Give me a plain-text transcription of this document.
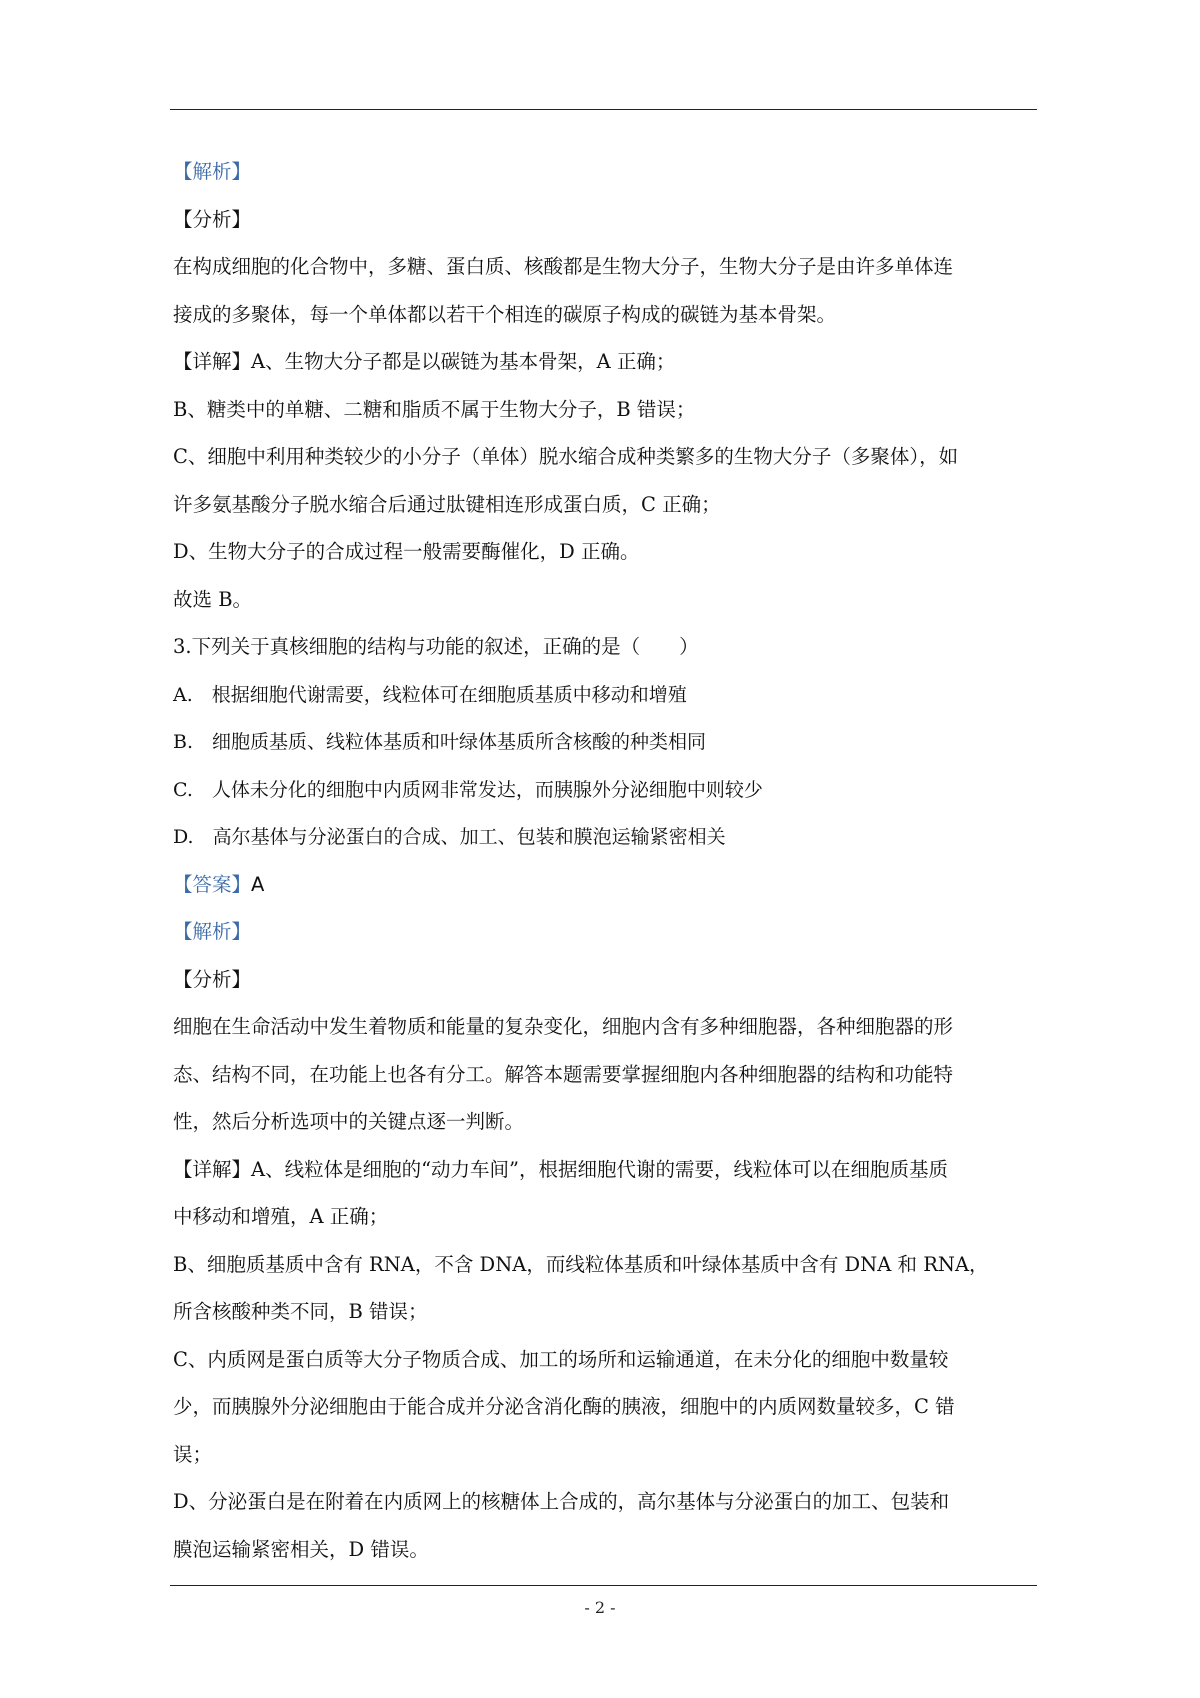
【解析】
【分析】
在构成细胞的化合物中，多糖、蛋白质、核酸都是生物大分子，生物大分子是由许多单体连
接成的多聚体，每一个单体都以若干个相连的碳原子构成的碳链为基本骨架。
【详解】A、生物大分子都是以碳链为基本骨架，A 正确；
B、糖类中的单糖、二糖和脂质不属于生物大分子，B 错误；
C、细胞中利用种类较少的小分子（单体）脱水缩合成种类繁多的生物大分子（多聚体），如
许多氨基酸分子脱水缩合后通过肽键相连形成蛋白质，C 正确；
D、生物大分子的合成过程一般需要酶催化，D 正确。
故选 B。
3.下列关于真核细胞的结构与功能的叙述，正确的是（　　）
A.　根据细胞代谢需要，线粒体可在细胞质基质中移动和增殖
B.　细胞质基质、线粒体基质和叶绿体基质所含核酸的种类相同
C.　人体未分化的细胞中内质网非常发达，而胰腺外分泌细胞中则较少
D.　高尔基体与分泌蛋白的合成、加工、包装和膜泡运输紧密相关
【答案】A
【解析】
【分析】
细胞在生命活动中发生着物质和能量的复杂变化，细胞内含有多种细胞器，各种细胞器的形
态、结构不同，在功能上也各有分工。解答本题需要掌握细胞内各种细胞器的结构和功能特
性，然后分析选项中的关键点逐一判断。
【详解】A、线粒体是细胞的“动力车间”，根据细胞代谢的需要，线粒体可以在细胞质基质
中移动和增殖，A 正确；
B、细胞质基质中含有 RNA，不含 DNA，而线粒体基质和叶绿体基质中含有 DNA 和 RNA，
所含核酸种类不同，B 错误；
C、内质网是蛋白质等大分子物质合成、加工的场所和运输通道，在未分化的细胞中数量较
少，而胰腺外分泌细胞由于能合成并分泌含消化酶的胰液，细胞中的内质网数量较多，C 错
误；
D、分泌蛋白是在附着在内质网上的核糖体上合成的，高尔基体与分泌蛋白的加工、包装和
膜泡运输紧密相关，D 错误。
- 2 -
